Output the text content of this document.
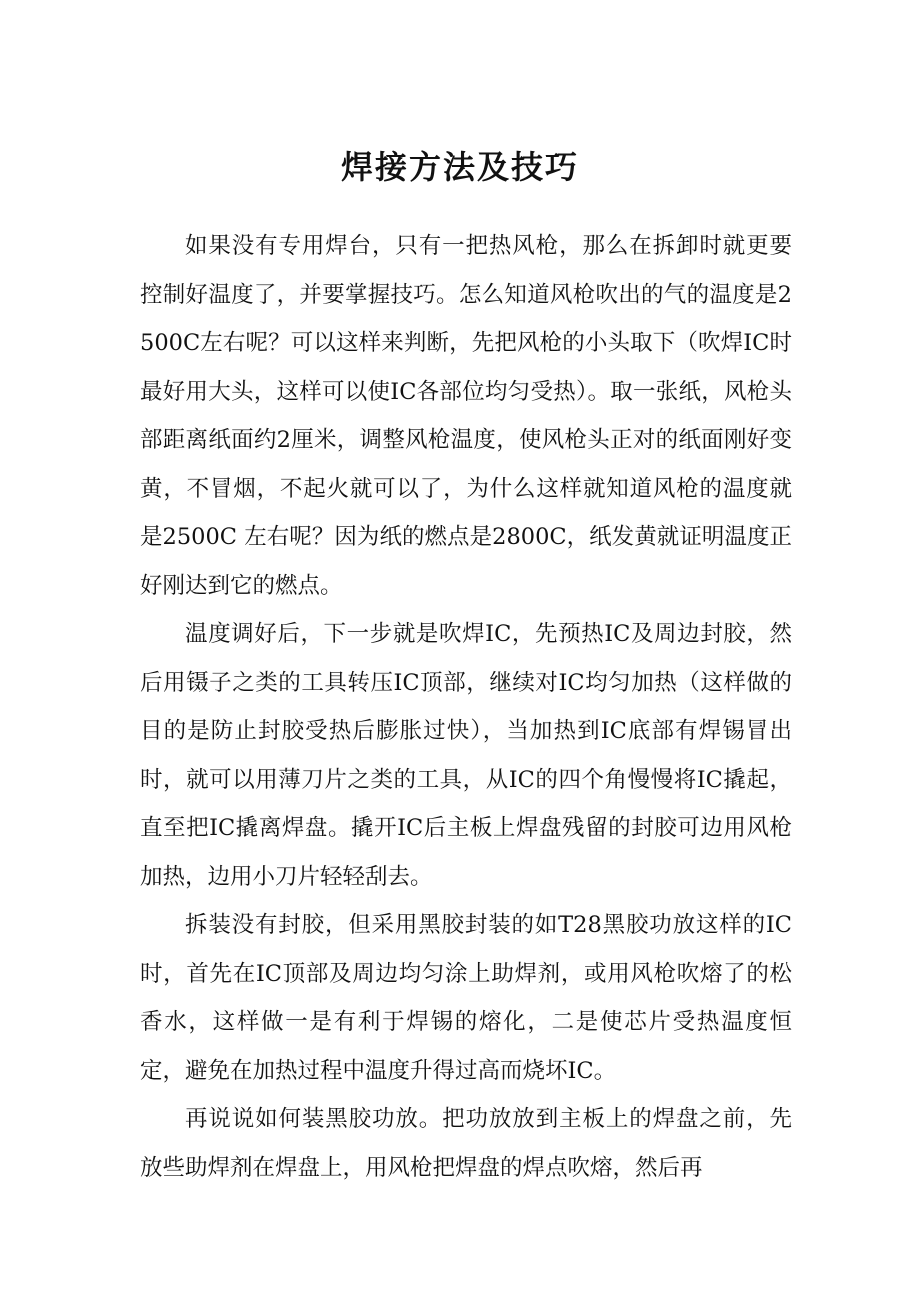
焊接方法及技巧

如果没有专用焊台，只有一把热风枪，那么在拆卸时就更要控制好温度了，并要掌握技巧。怎么知道风枪吹出的气的温度是2500C左右呢？可以这样来判断，先把风枪的小头取下（吹焊IC时最好用大头，这样可以使IC各部位均匀受热）。取一张纸，风枪头部距离纸面约2厘米，调整风枪温度，使风枪头正对的纸面刚好变黄，不冒烟，不起火就可以了，为什么这样就知道风枪的温度就是2500C 左右呢？因为纸的燃点是2800C，纸发黄就证明温度正好刚达到它的燃点。

温度调好后，下一步就是吹焊IC，先预热IC及周边封胶，然后用镊子之类的工具转压IC顶部，继续对IC均匀加热（这样做的目的是防止封胶受热后膨胀过快），当加热到IC底部有焊锡冒出时，就可以用薄刀片之类的工具，从IC的四个角慢慢将IC撬起，直至把IC撬离焊盘。撬开IC后主板上焊盘残留的封胶可边用风枪加热，边用小刀片轻轻刮去。

拆装没有封胶，但采用黑胶封装的如T28黑胶功放这样的IC时，首先在IC顶部及周边均匀涂上助焊剂，或用风枪吹熔了的松香水，这样做一是有利于焊锡的熔化，二是使芯片受热温度恒定，避免在加热过程中温度升得过高而烧坏IC。

再说说如何装黑胶功放。把功放放到主板上的焊盘之前，先放些助焊剂在焊盘上，用风枪把焊盘的焊点吹熔，然后再
